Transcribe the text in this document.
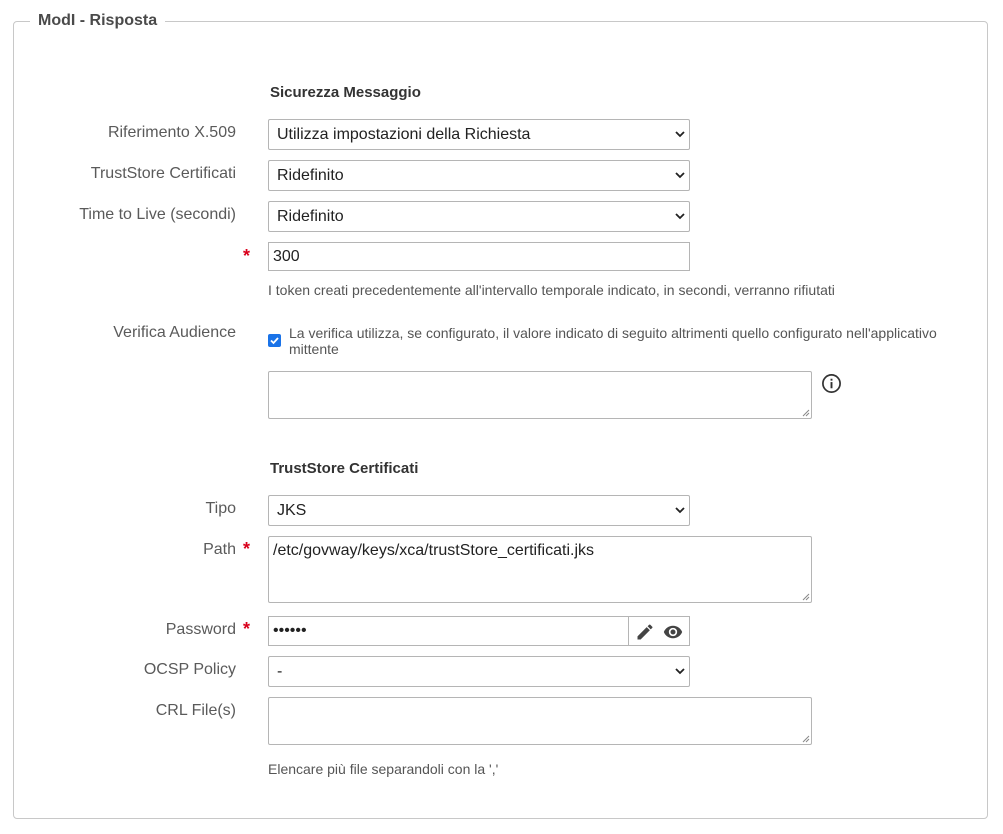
ModI - Risposta
Sicurezza Messaggio
Riferimento X.509	Utilizza impostazioni della Richiesta
TrustStore Certificati	Ridefinito
Time to Live (secondi)	Ridefinito
*	300
I token creati precedentemente all'intervallo temporale indicato, in secondi, verranno rifiutati
Verifica Audience	La verifica utilizza, se configurato, il valore indicato di seguito altrimenti quello configurato nell'applicativo mittente
TrustStore Certificati
Tipo	JKS
Path *	/etc/govway/keys/xca/trustStore_certificati.jks
Password *	••••••
OCSP Policy	-
CRL File(s)
Elencare più file separandoli con la ','
